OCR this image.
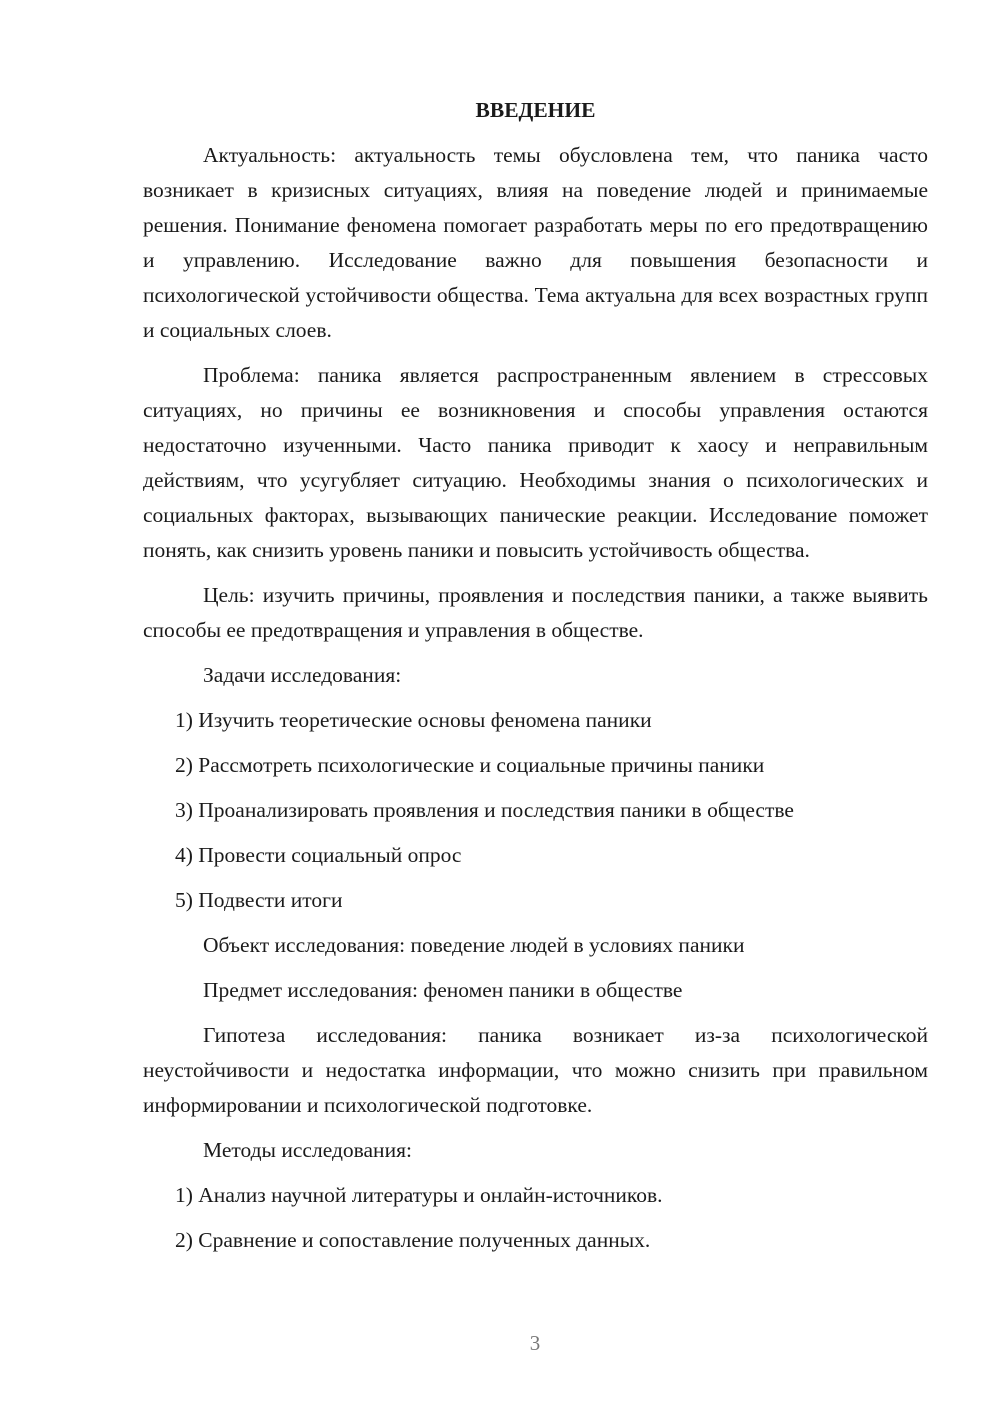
ВВЕДЕНИЕ

Актуальность: актуальность темы обусловлена тем, что паника часто возникает в кризисных ситуациях, влияя на поведение людей и принимаемые решения. Понимание феномена помогает разработать меры по его предотвращению и управлению. Исследование важно для повышения безопасности и психологической устойчивости общества. Тема актуальна для всех возрастных групп и социальных слоев.

Проблема: паника является распространенным явлением в стрессовых ситуациях, но причины ее возникновения и способы управления остаются недостаточно изученными. Часто паника приводит к хаосу и неправильным действиям, что усугубляет ситуацию. Необходимы знания о психологических и социальных факторах, вызывающих панические реакции. Исследование поможет понять, как снизить уровень паники и повысить устойчивость общества.

Цель: изучить причины, проявления и последствия паники, а также выявить способы ее предотвращения и управления в обществе.

Задачи исследования:

1) Изучить теоретические основы феномена паники

2) Рассмотреть психологические и социальные причины паники

3) Проанализировать проявления и последствия паники в обществе

4) Провести социальный опрос

5) Подвести итоги

Объект исследования: поведение людей в условиях паники

Предмет исследования: феномен паники в обществе

Гипотеза исследования: паника возникает из-за психологической неустойчивости и недостатка информации, что можно снизить при правильном информировании и психологической подготовке.

Методы исследования:

1) Анализ научной литературы и онлайн-источников.

2) Сравнение и сопоставление полученных данных.

3
